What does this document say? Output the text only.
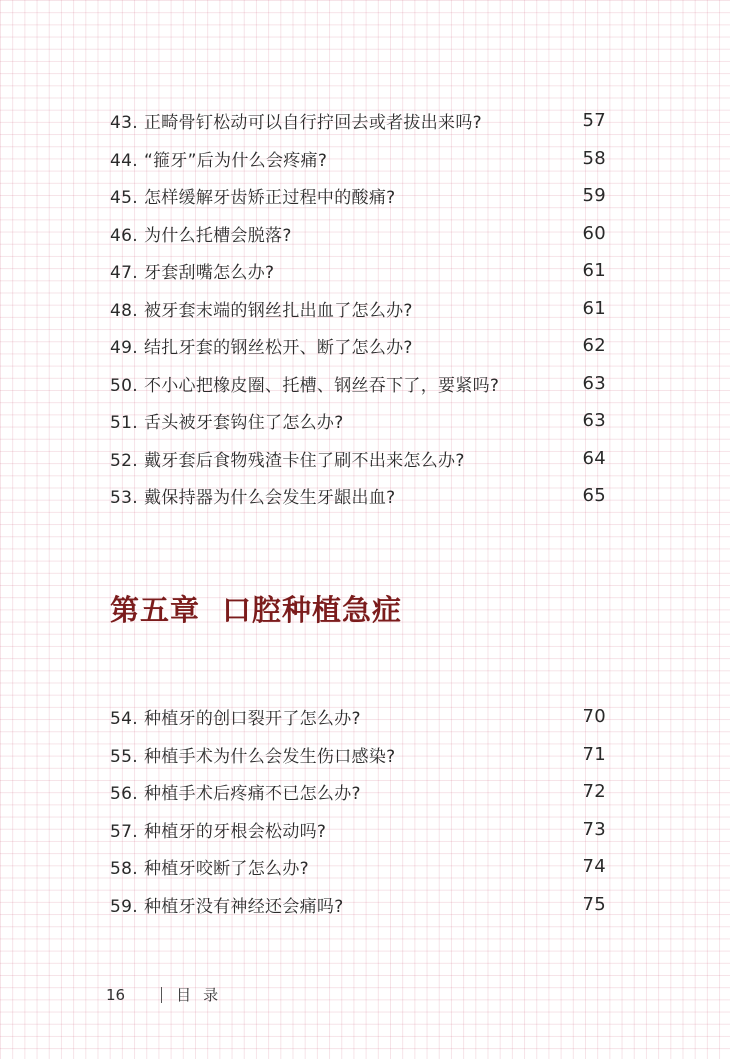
43. 正畸骨钉松动可以自行拧回去或者拔出来吗?	57
44. “箍牙”后为什么会疼痛?	58
45. 怎样缓解牙齿矫正过程中的酸痛?	59
46. 为什么托槽会脱落?	60
47. 牙套刮嘴怎么办?	61
48. 被牙套末端的钢丝扎出血了怎么办?	61
49. 结扎牙套的钢丝松开、断了怎么办?	62
50. 不小心把橡皮圈、托槽、钢丝吞下了，要紧吗?	63
51. 舌头被牙套钩住了怎么办?	63
52. 戴牙套后食物残渣卡住了刷不出来怎么办?	64
53. 戴保持器为什么会发生牙龈出血?	65
第五章 口腔种植急症
54. 种植牙的创口裂开了怎么办?	70
55. 种植手术为什么会发生伤口感染?	71
56. 种植手术后疼痛不已怎么办?	72
57. 种植牙的牙根会松动吗?	73
58. 种植牙咬断了怎么办?	74
59. 种植牙没有神经还会痛吗?	75
16	目录
